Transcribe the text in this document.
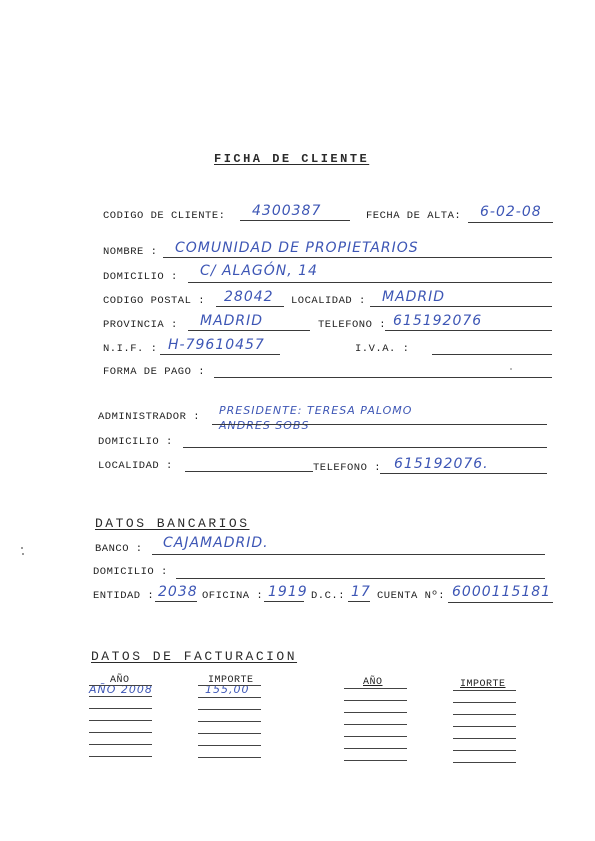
FICHA DE CLIENTE
CODIGO DE CLIENTE: 4300387	FECHA DE ALTA: 6-02-08
NOMBRE : COMUNIDAD DE PROPIETARIOS
DOMICILIO : C/ ALAGÓN, 14
CODIGO POSTAL : 28042 LOCALIDAD : MADRID
PROVINCIA : MADRID	TELEFONO : 615192076
N.I.F. : H-79610457	I.V.A. :
FORMA DE PAGO :
ADMINISTRADOR : PRESIDENTE: TERESA PALOMO
ANDRES SOBS
DOMICILIO :
LOCALIDAD :	TELEFONO : 615192076.
DATOS BANCARIOS
BANCO : CAJAMADRID.
DOMICILIO :
ENTIDAD : 2038 OFICINA : 1919 D.C.: 17 CUENTA Nº: 6000115181
DATOS DE FACTURACION
AÑO	IMPORTE	AÑO	IMPORTE
AÑO 2008	155,00
